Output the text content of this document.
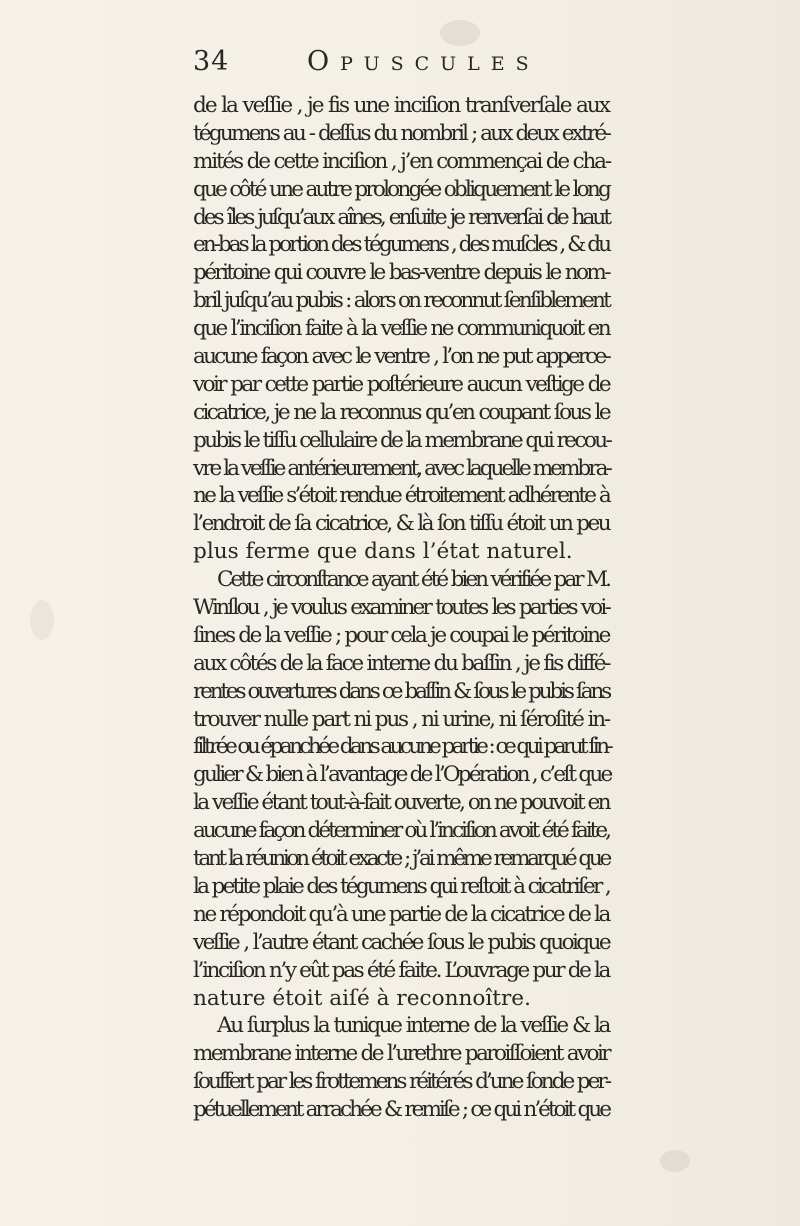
34	Opuscules
de la veſſie , je fis une inciſion tranſverſale aux
tégumens au - deſſus du nombril ; aux deux extré-
mités de cette inciſion , j’en commençai de cha-
que côté une autre prolongée obliquement le long
des îles juſqu’aux aînes, enſuite je renverſai de haut
en-bas la portion des tégumens , des muſcles , & du
péritoine qui couvre le bas-ventre depuis le nom-
bril juſqu’au pubis : alors on reconnut ſenſiblement
que l’inciſion faite à la veſſie ne communiquoit en
aucune façon avec le ventre , l’on ne put apperce-
voir par cette partie poſtérieure aucun veſtige de
cicatrice, je ne la reconnus qu’en coupant ſous le
pubis le tiſſu cellulaire de la membrane qui recou-
vre la veſſie antérieurement, avec laquelle membra-
ne la veſſie s’étoit rendue étroitement adhérente à
l’endroit de ſa cicatrice, & là ſon tiſſu étoit un peu
plus ferme que dans l’état naturel.
Cette circonſtance ayant été bien vérifiée par M.
Winſlou , je voulus examiner toutes les parties voi-
ſines de la veſſie ; pour cela je coupai le péritoine
aux côtés de la face interne du baſſin , je fis diffé-
rentes ouvertures dans ce baſſin & ſous le pubis ſans
trouver nulle part ni pus , ni urine, ni ſéroſité in-
filtrée ou épanchée dans aucune partie : ce qui parut ſin-
gulier & bien à l’avantage de l’Opération , c’eſt que
la veſſie étant tout-à-fait ouverte, on ne pouvoit en
aucune façon déterminer où l’inciſion avoit été faite,
tant la réunion étoit exacte ; j’ai même remarqué que
la petite plaie des tégumens qui reſtoit à cicatriſer ,
ne répondoit qu’à une partie de la cicatrice de la
veſſie , l’autre étant cachée ſous le pubis quoique
l’inciſion n’y eût pas été faite. L’ouvrage pur de la
nature étoit aiſé à reconnoître.
Au ſurplus la tunique interne de la veſſie & la
membrane interne de l’urethre paroiſſoient avoir
ſouffert par les frottemens réitérés d’une ſonde per-
pétuellement arrachée & remiſe ; ce qui n’étoit que
